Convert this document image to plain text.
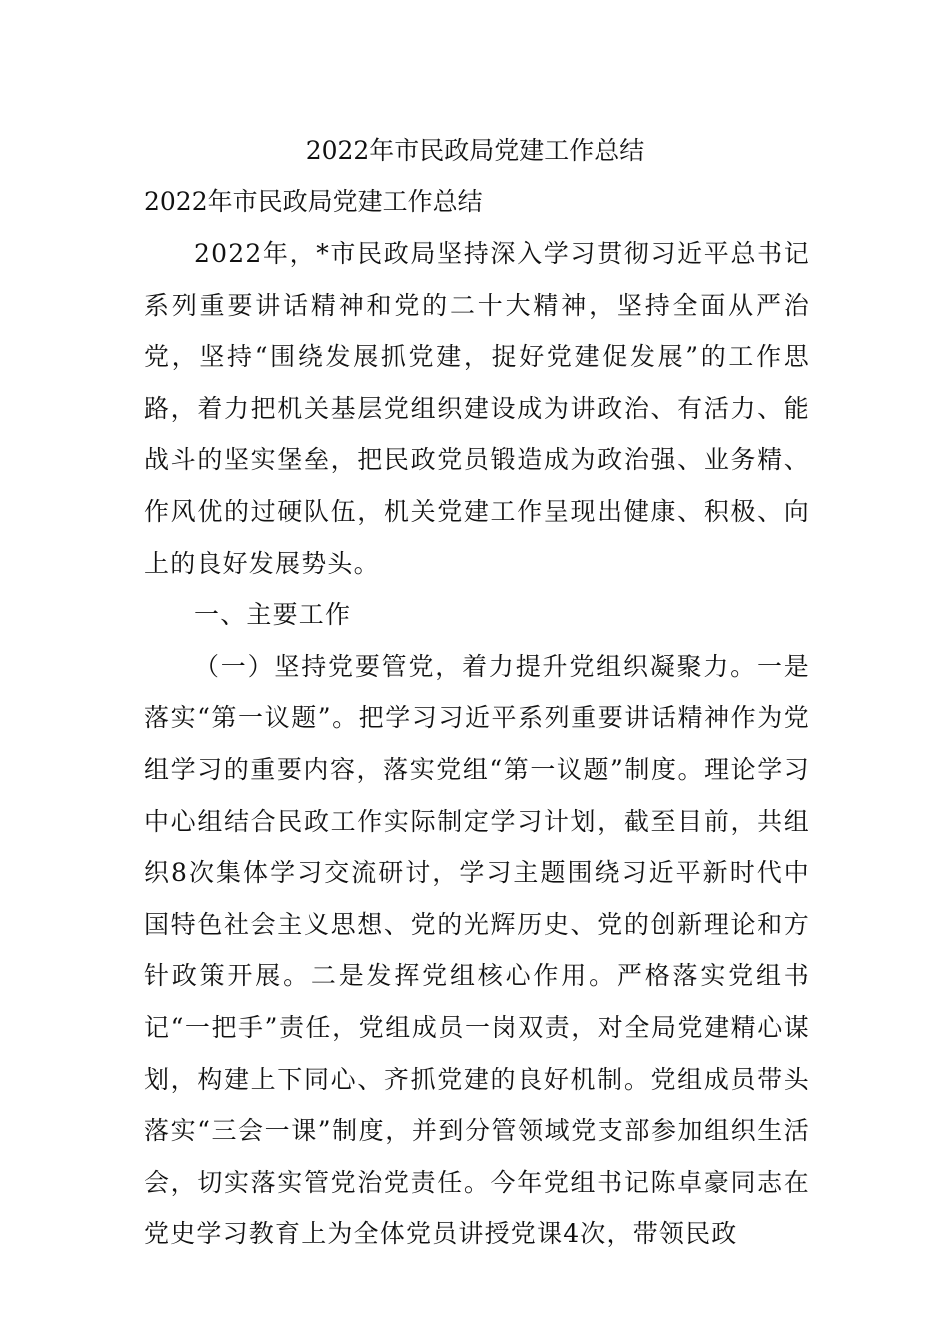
2022年市民政局党建工作总结
2022年市民政局党建工作总结

2022年，*市民政局坚持深入学习贯彻习近平总书记系列重要讲话精神和党的二十大精神，坚持全面从严治党，坚持“围绕发展抓党建，捉好党建促发展”的工作思路，着力把机关基层党组织建设成为讲政治、有活力、能战斗的坚实堡垒，把民政党员锻造成为政治强、业务精、作风优的过硬队伍，机关党建工作呈现出健康、积极、向上的良好发展势头。

一、主要工作

（一）坚持党要管党，着力提升党组织凝聚力。一是落实“第一议题”。把学习习近平系列重要讲话精神作为党组学习的重要内容，落实党组“第一议题”制度。理论学习中心组结合民政工作实际制定学习计划，截至目前，共组织8次集体学习交流研讨，学习主题围绕习近平新时代中国特色社会主义思想、党的光辉历史、党的创新理论和方针政策开展。二是发挥党组核心作用。严格落实党组书记“一把手”责任，党组成员一岗双责，对全局党建精心谋划，构建上下同心、齐抓党建的良好机制。党组成员带头落实“三会一课”制度，并到分管领域党支部参加组织生活会，切实落实管党治党责任。今年党组书记陈卓豪同志在党史学习教育上为全体党员讲授党课4次，带领民政
